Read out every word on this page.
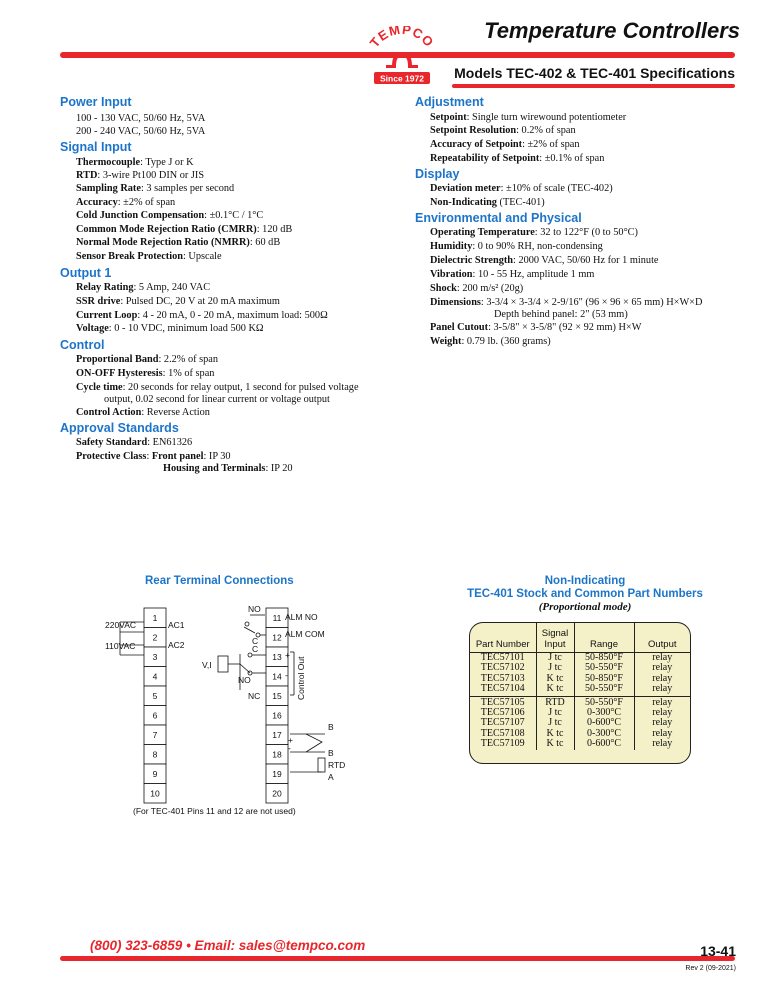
Temperature Controllers
Models TEC-402 & TEC-401 Specifications
TEMPCO
Since 1972
Power Input
100 - 130 VAC, 50/60 Hz, 5VA
200 - 240 VAC, 50/60 Hz, 5VA
Signal Input
Thermocouple: Type J or K
RTD: 3-wire Pt100 DIN or JIS
Sampling Rate: 3 samples per second
Accuracy: ±2% of span
Cold Junction Compensation: ±0.1°C / 1°C
Common Mode Rejection Ratio (CMRR): 120 dB
Normal Mode Rejection Ratio (NMRR): 60 dB
Sensor Break Protection: Upscale
Output 1
Relay Rating: 5 Amp, 240 VAC
SSR drive: Pulsed DC, 20 V at 20 mA maximum
Current Loop: 4 - 20 mA, 0 - 20 mA, maximum load: 500Ω
Voltage: 0 - 10 VDC, minimum load 500 KΩ
Control
Proportional Band: 2.2% of span
ON-OFF Hysteresis: 1% of span
Cycle time: 20 seconds for relay output, 1 second for pulsed voltage
output, 0.02 second for linear current or voltage output
Control Action: Reverse Action
Approval Standards
Safety Standard: EN61326
Protective Class: Front panel: IP 30
Housing and Terminals: IP 20
Adjustment
Setpoint: Single turn wirewound potentiometer
Setpoint Resolution: 0.2% of span
Accuracy of Setpoint: ±2% of span
Repeatability of Setpoint: ±0.1% of span
Display
Deviation meter: ±10% of scale (TEC-402)
Non-Indicating (TEC-401)
Environmental and Physical
Operating Temperature: 32 to 122°F (0 to 50°C)
Humidity: 0 to 90% RH, non-condensing
Dielectric Strength: 2000 VAC, 50/60 Hz for 1 minute
Vibration: 10 - 55 Hz, amplitude 1 mm
Shock: 200 m/s² (20g)
Dimensions: 3-3/4 × 3-3/4 × 2-9/16" (96 × 96 × 65 mm) H×W×D
Depth behind panel: 2" (53 mm)
Panel Cutout: 3-5/8" × 3-5/8" (92 × 92 mm) H×W
Weight: 0.79 lb. (360 grams)
Rear Terminal Connections
1
2
3
4
5
6
7
8
9
10
11
12
13
14
15
16
17
18
19
20
220VAC
110VAC
AC1
AC2
NO
ALM NO
ALM COM
C
C
V,I
NO
NC
+
- Control Out
+
-
B
B
RTD
A
(For TEC-401 Pins 11 and 12 are not used)
Non-Indicating
TEC-401 Stock and Common Part Numbers
(Proportional mode)
Part Number	Signal Input	Range	Output
TEC57101	J tc	50-850°F	relay
TEC57102	J tc	50-550°F	relay
TEC57103	K tc	50-850°F	relay
TEC57104	K tc	50-550°F	relay
TEC57105	RTD	50-550°F	relay
TEC57106	J tc	0-300°C	relay
TEC57107	J tc	0-600°C	relay
TEC57108	K tc	0-300°C	relay
TEC57109	K tc	0-600°C	relay
(800) 323-6859 • Email: sales@tempco.com	13-41
Rev 2 (09-2021)
